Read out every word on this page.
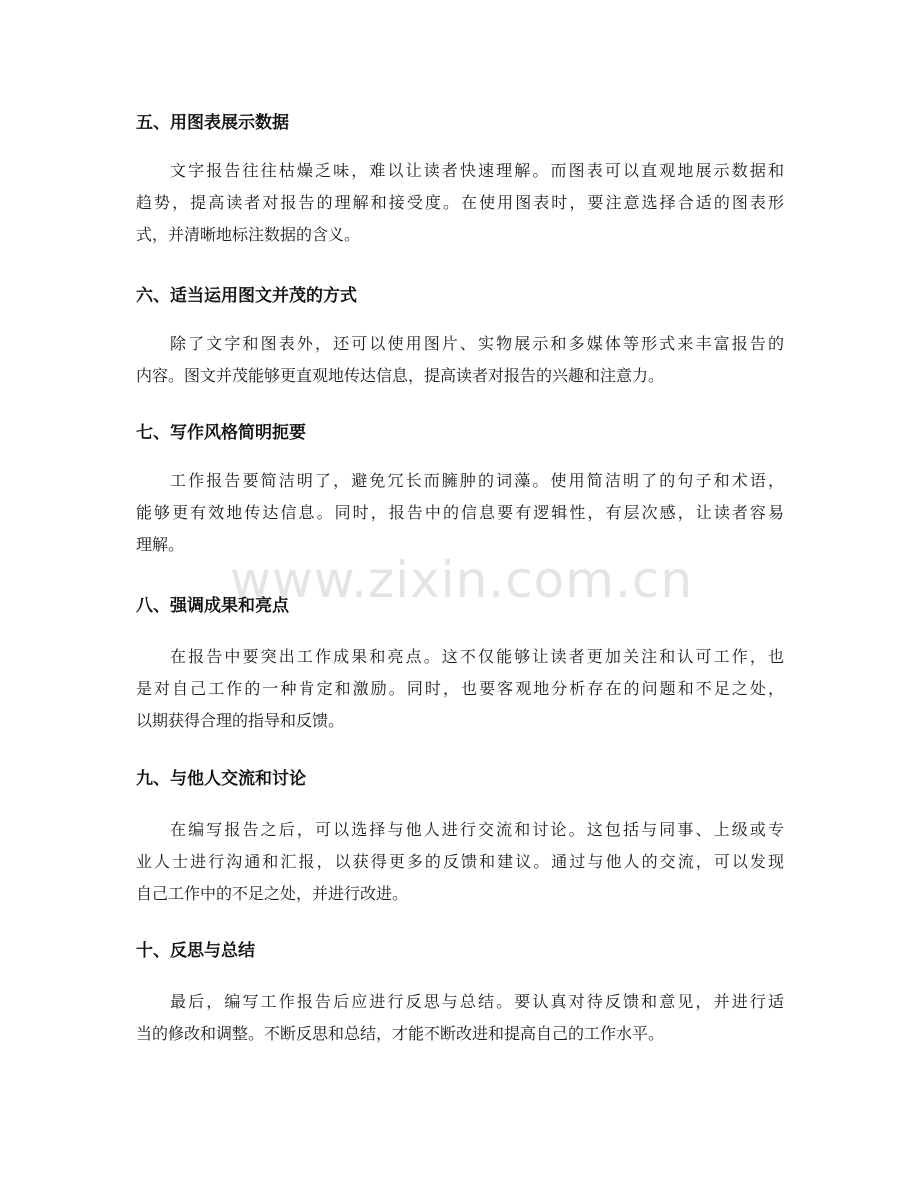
五、用图表展示数据
文字报告往往枯燥乏味，难以让读者快速理解。而图表可以直观地展示数据和
趋势，提高读者对报告的理解和接受度。在使用图表时，要注意选择合适的图表形
式，并清晰地标注数据的含义。
六、适当运用图文并茂的方式
除了文字和图表外，还可以使用图片、实物展示和多媒体等形式来丰富报告的
内容。图文并茂能够更直观地传达信息，提高读者对报告的兴趣和注意力。
七、写作风格简明扼要
工作报告要简洁明了，避免冗长而臃肿的词藻。使用简洁明了的句子和术语，
能够更有效地传达信息。同时，报告中的信息要有逻辑性，有层次感，让读者容易
理解。
八、强调成果和亮点
在报告中要突出工作成果和亮点。这不仅能够让读者更加关注和认可工作，也
是对自己工作的一种肯定和激励。同时，也要客观地分析存在的问题和不足之处，
以期获得合理的指导和反馈。
九、与他人交流和讨论
在编写报告之后，可以选择与他人进行交流和讨论。这包括与同事、上级或专
业人士进行沟通和汇报，以获得更多的反馈和建议。通过与他人的交流，可以发现
自己工作中的不足之处，并进行改进。
十、反思与总结
最后，编写工作报告后应进行反思与总结。要认真对待反馈和意见，并进行适
当的修改和调整。不断反思和总结，才能不断改进和提高自己的工作水平。
www.zixin.com.cn
